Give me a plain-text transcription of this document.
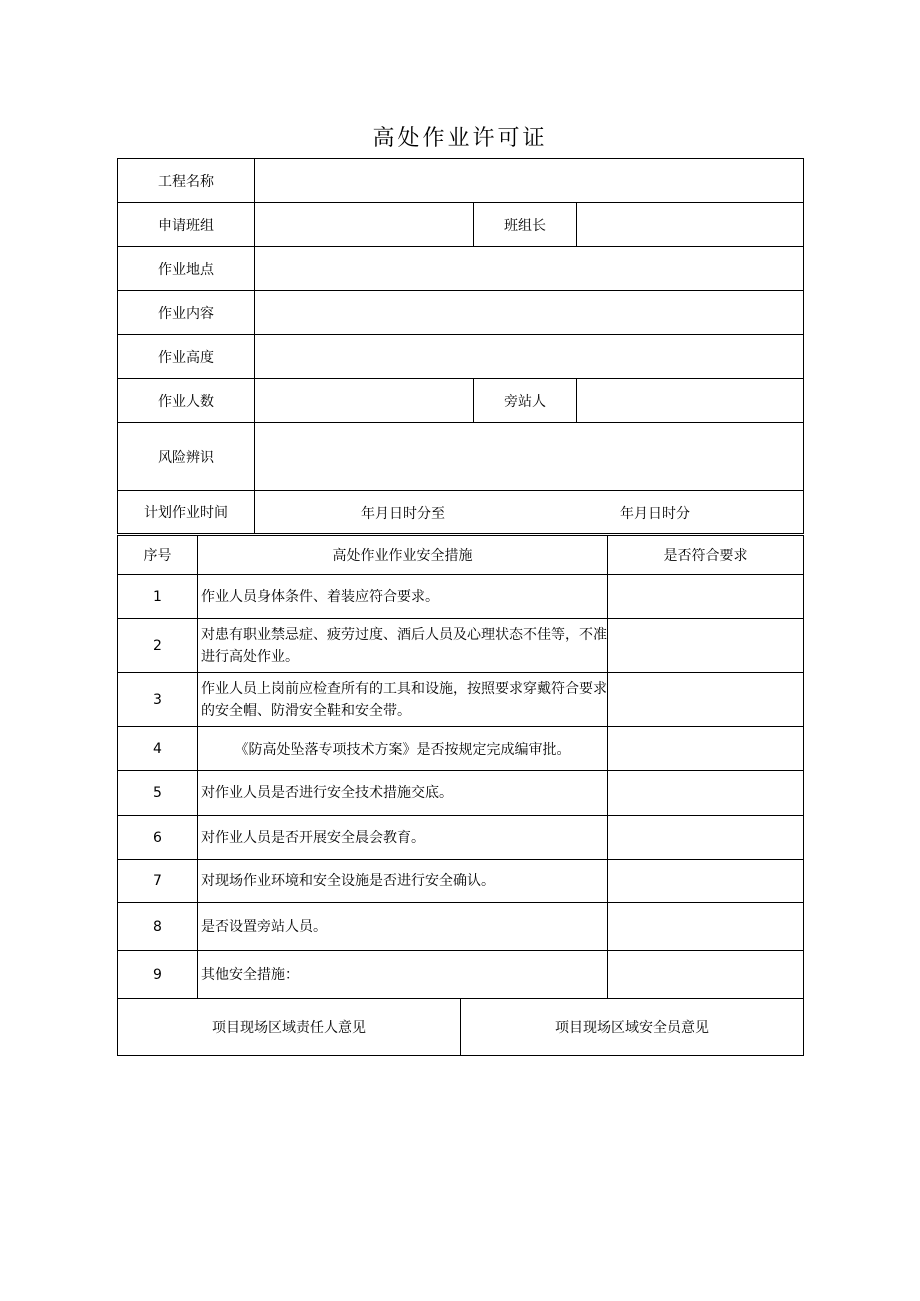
高处作业许可证
工程名称			
申请班组		班组长	
作业地点			
作业内容			
作业高度			
作业人数		旁站人	
风险辨识			
计划作业时间	年月日时分至 年月日时分		
序号	高处作业作业安全措施	是否符合要求
1	作业人员身体条件、着装应符合要求。	
2	对患有职业禁忌症、疲劳过度、酒后人员及心理状态不佳等，不准进行高处作业。	
3	作业人员上岗前应检查所有的工具和设施，按照要求穿戴符合要求的安全帽、防滑安全鞋和安全带。	
4	《防高处坠落专项技术方案》是否按规定完成编审批。	
5	对作业人员是否进行安全技术措施交底。	
6	对作业人员是否开展安全晨会教育。	
7	对现场作业环境和安全设施是否进行安全确认。	
8	是否设置旁站人员。	
9	其他安全措施：	
项目现场区域责任人意见	项目现场区域安全员意见
